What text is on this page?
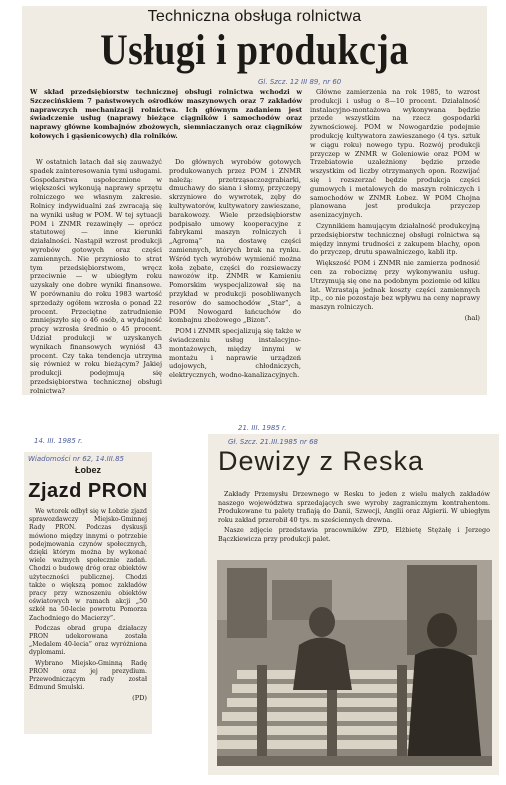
Techniczna obsługa rolnictwa
Usługi i produkcja
Gl. Szcz. 12 III 89, nr 60
W skład przedsiębiorstw technicznej obsługi rolnictwa wchodzi w Szczecińskiem 7 państwowych ośrodków maszynowych oraz 7 zakładów naprawczych mechanizacji rolnictwa. Ich głównym zadaniem jest świadczenie usług (naprawy bieżące ciągników i samochodów oraz naprawy główne kombajnów zbożowych, siemniaczanych oraz ciągników kołowych i gąsienicowych) dla rolników.

W ostatnich latach dał się zauważyć spadek zainteresowania tymi usługami. Gospodarstwa uspołecznione w większości wykonują naprawy sprzętu rolniczego we własnym zakresie. Rolnicy indywidualni zaś zwracają się na wyniki usług w POM. W tej sytuacji POM i ZNMR rezawinęły — oprócz statutowej — inne kierunki działalności. Nastąpił wzrost produkcji wyrobów gotowych oraz części zamiennych. Nie przyniosło to strat tym przedsiębiorstwom, wręcz przeciwnie — w ubiegłym roku uzyskały one dobre wyniki finansowe. W porównaniu do roku 1983 wartość sprzedaży ogółem wzrosła o ponad 22 procent. Przeciętne zatrudnienie zmniejszyło się o 46 osób, a wydajność pracy wzrosła średnio o 45 procent. Udział produkcji w uzyskanych wynikach finansowych wyniósł 43 procent. Czy taka tendencja utrzyma się również w roku bieżącym? Jakiej produkcji podejmują się przedsiębiorstwa technicznej obsługi rolnictwa?

Do głównych wyrobów gotowych produkowanych przez POM i ZNMR należą: przetrząsaczozgrabiarki, dmuchawy do siana i słomy, przyczepy skrzyniowe do wywrotek, zęby do kultywatorów, kultywatory zawieszane, barakowozy. Wiele przedsiębiorstw podpisało umowy kooperacyjne z fabrykami maszyn rolniczych i „Agromą” na dostawę części zamiennych, których brak na rynku. Wśród tych wyrobów wymienić można koła zębate, części do rozsiewaczy nawozów itp. ZNMR w Kamieniu Pomorskim wyspecjalizował się na przykład w produkcji posobliwanych resorów do samochodów „Star”, a POM Nowogard łańcuchów do kombajnu zbożowego „Bizon”.

POM i ZNMR specjalizują się także w świadczeniu usług instalacyjno-montażowych, między innymi w montażu i naprawie urządzeń udojowych, chłodniczych, elektrycznych, wodno-kanalizacyjnych.

Główne zamierzenia na rok 1985, to wzrost produkcji i usług o 8—10 procent. Działalność instalacyjno-montażowa wykonywana będzie przede wszystkim na rzecz gospodarki żywnościowej. POM w Nowogardzie podejmie produkcję kultywatora zawieszanego (4 tys. sztuk w ciągu roku) nowego typu. Rozwój produkcji przyczep w ZNMR w Goleniowie oraz POM w Trzebiatowie uzależniony będzie przede wszystkim od liczby otrzymanych opon. Rozwijać się i rozszerzać będzie produkcja części gumowych i metalowych do maszyn rolniczych i samochodów w ZNMR Łobez. W POM Chojna planowana jest produkcja przyczep asenizacyjnych.

Czynnikiem hamującym działalność produkcyjną przedsiębiorstw technicznej obsługi rolnictwa są między innymi trudności z zakupem blachy, opon do przyczep, drutu spawalniczego, kabli itp.

Większość POM i ZNMR nie zamierza podnosić cen za robociznę przy wykonywaniu usług. Utrzymują się one na podobnym poziomie od kilku lat. Wzrastają jednak koszty części zamiennych itp., co nie pozostaje bez wpływu na ceny naprawy maszyn rolniczych.

(hal)
14. III. 1985 r.
Wiadomości nr 62, 14.III.85
Łobez
Zjazd PRON

We wtorek odbył się w Łobzie zjazd sprawozdawczy Miejsko-Gminnej Rady PRON. Podczas dyskusji mówiono między innymi o potrzebie podejmowania czynów społecznych, dzięki którym można by wykonać wiele ważnych społecznie zadań. Chodzi o budowę dróg oraz obiektów użyteczności publicznej. Chodzi także o większą pomoc zakładów pracy przy wznoszeniu obiektów oświatowych w ramach akcji „50 szkół na 50-lecie powrotu Pomorza Zachodniego do Macierzy”.

Podczas obrad grupa działaczy PRON udekorowana została „Medalem 40-lecia” oraz wyróżniona dyplomami.

Wybrano Miejsko-Gminną Radę PRON oraz jej prezydium. Przewodniczącym rady został Edmund Smulski.

(PD)
21. III. 1985 r.
Gł. Szcz. 21.III.1985 nr 68
Dewizy z Reska

Zakłady Przemysłu Drzewnego w Resku to jeden z wielu małych zakładów naszego województwa sprzedających swe wyroby zagranicznym kontrahentom. Produkowane tu palety trafiają do Danii, Szwecji, Anglii oraz Algierii. W ubiegłym roku zakład przerobił 40 tys. m sześciennych drewna.

Nasze zdjęcie przedstawia pracowników ZPD, Elżbietę Stężałę i Jerzego Bączkiewicza przy produkcji palet.
